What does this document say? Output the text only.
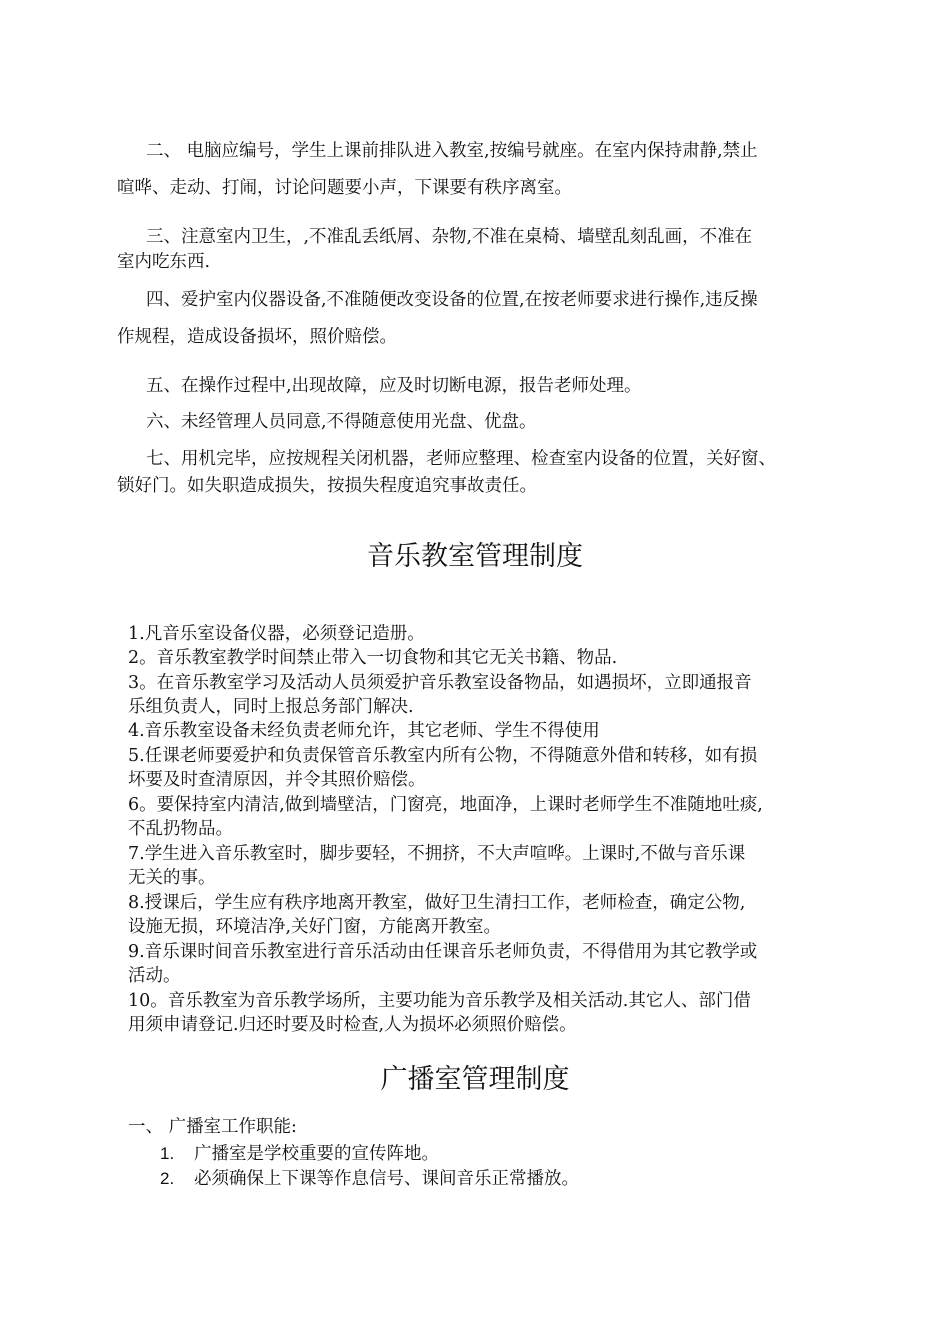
二、 电脑应编号，学生上课前排队进入教室,按编号就座。在室内保持肃静,禁止
喧哗、走动、打闹，讨论问题要小声，下课要有秩序离室。
三、注意室内卫生，,不准乱丢纸屑、杂物,不准在桌椅、墙壁乱刻乱画，不准在
室内吃东西.
四、爱护室内仪器设备,不准随便改变设备的位置,在按老师要求进行操作,违反操
作规程，造成设备损坏，照价赔偿。
五、在操作过程中,出现故障，应及时切断电源，报告老师处理。
六、未经管理人员同意,不得随意使用光盘、优盘。
七、用机完毕，应按规程关闭机器，老师应整理、检查室内设备的位置，关好窗、
锁好门。如失职造成损失，按损失程度追究事故责任。
音乐教室管理制度
1.凡音乐室设备仪器，必须登记造册。
2。音乐教室教学时间禁止带入一切食物和其它无关书籍、物品.
3。在音乐教室学习及活动人员须爱护音乐教室设备物品，如遇损坏，立即通报音
乐组负责人，同时上报总务部门解决.
4.音乐教室设备未经负责老师允许，其它老师、学生不得使用
5.任课老师要爱护和负责保管音乐教室内所有公物，不得随意外借和转移，如有损
坏要及时查清原因，并令其照价赔偿。
6。要保持室内清洁,做到墙壁洁，门窗亮，地面净，上课时老师学生不准随地吐痰,
不乱扔物品。
7.学生进入音乐教室时，脚步要轻，不拥挤，不大声喧哗。上课时,不做与音乐课
无关的事。
8.授课后，学生应有秩序地离开教室，做好卫生清扫工作，老师检查，确定公物,
设施无损，环境洁净,关好门窗，方能离开教室。
9.音乐课时间音乐教室进行音乐活动由任课音乐老师负责，不得借用为其它教学或
活动。
10。音乐教室为音乐教学场所，主要功能为音乐教学及相关活动.其它人、部门借
用须申请登记.归还时要及时检查,人为损坏必须照价赔偿。
广播室管理制度
一、 广播室工作职能:
1. 广播室是学校重要的宣传阵地。
2. 必须确保上下课等作息信号、课间音乐正常播放。
